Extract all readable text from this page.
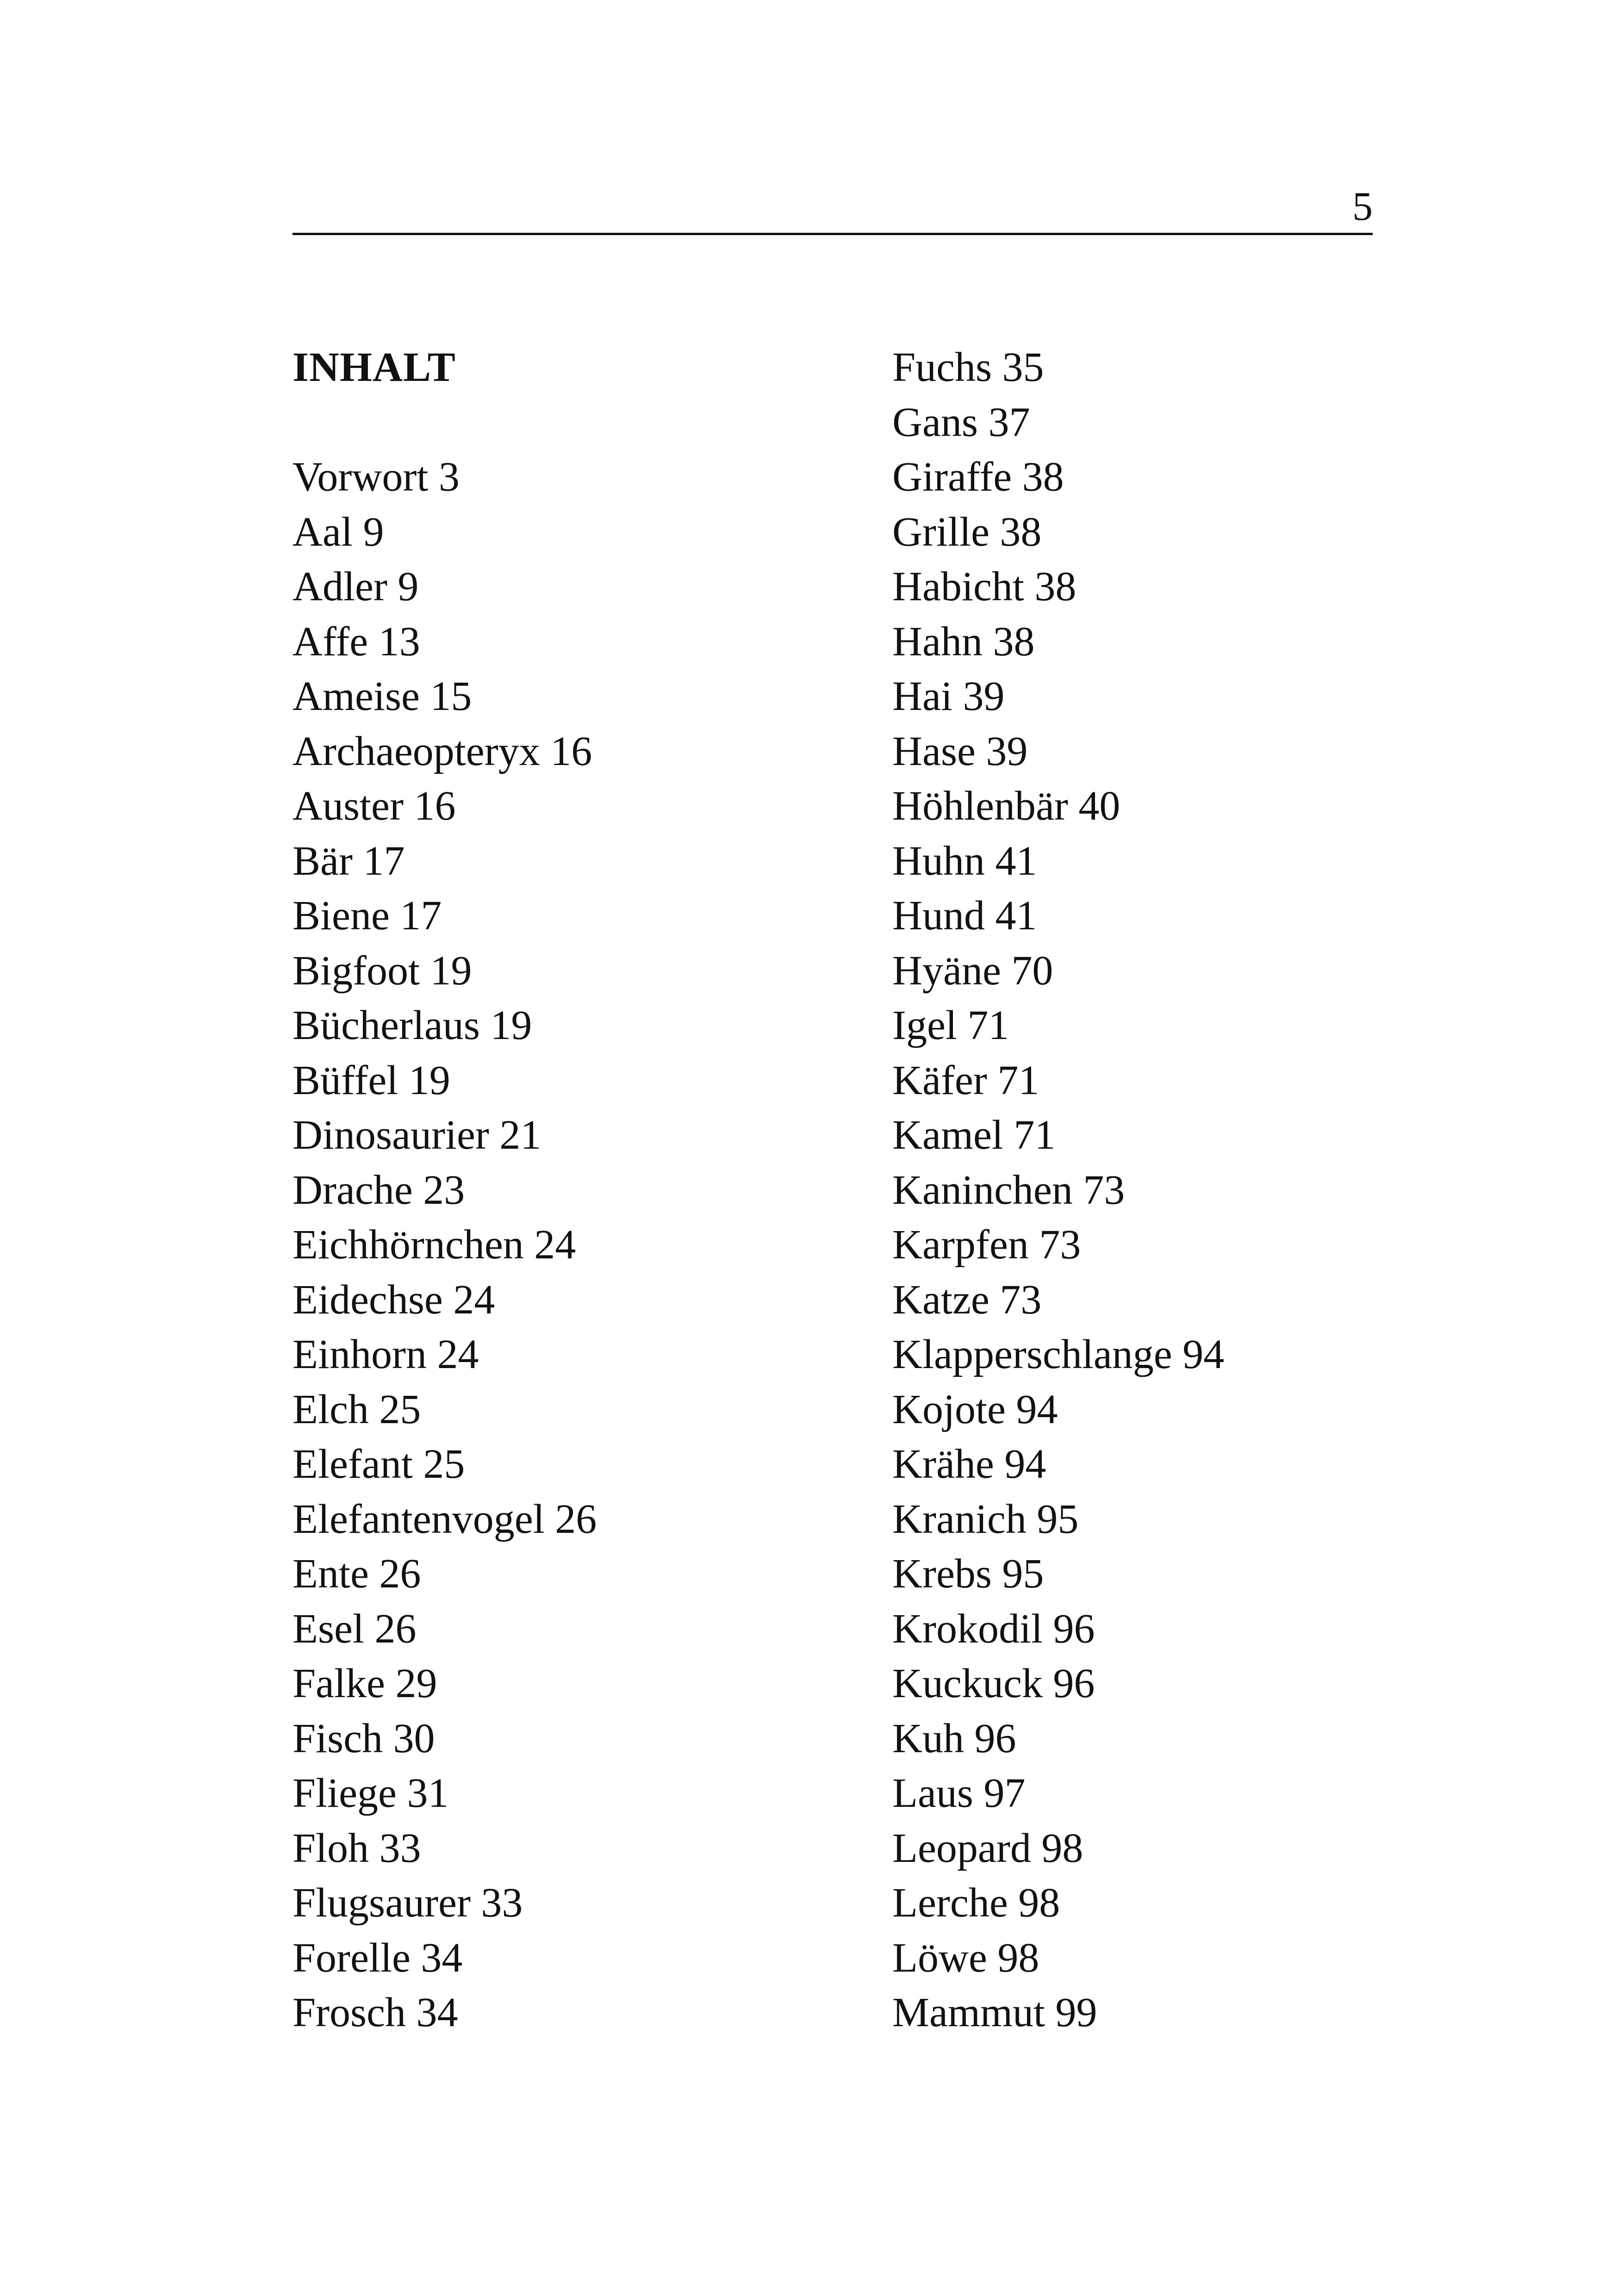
5
INHALT
Vorwort 3
Aal 9
Adler 9
Affe 13
Ameise 15
Archaeopteryx 16
Auster 16
Bär 17
Biene 17
Bigfoot 19
Bücherlaus 19
Büffel 19
Dinosaurier 21
Drache 23
Eichhörnchen 24
Eidechse 24
Einhorn 24
Elch 25
Elefant 25
Elefantenvogel 26
Ente 26
Esel 26
Falke 29
Fisch 30
Fliege 31
Floh 33
Flugsaurer 33
Forelle 34
Frosch 34
Fuchs 35
Gans 37
Giraffe 38
Grille 38
Habicht 38
Hahn 38
Hai 39
Hase 39
Höhlenbär 40
Huhn 41
Hund 41
Hyäne 70
Igel 71
Käfer 71
Kamel 71
Kaninchen 73
Karpfen 73
Katze 73
Klapperschlange 94
Kojote 94
Krähe 94
Kranich 95
Krebs 95
Krokodil 96
Kuckuck 96
Kuh 96
Laus 97
Leopard 98
Lerche 98
Löwe 98
Mammut 99
